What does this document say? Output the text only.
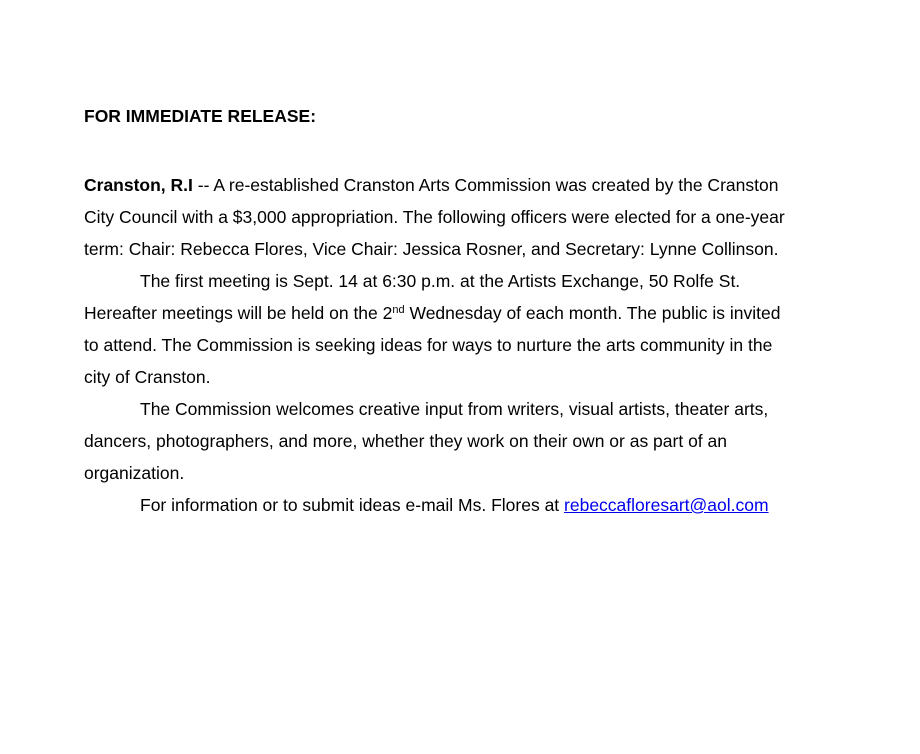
FOR IMMEDIATE RELEASE:

Cranston, R.I -- A re-established Cranston Arts Commission was created by the Cranston
City Council with a $3,000 appropriation. The following officers were elected for a one-year
term: Chair: Rebecca Flores, Vice Chair: Jessica Rosner, and Secretary: Lynne Collinson.

The first meeting is Sept. 14 at 6:30 p.m. at the Artists Exchange, 50 Rolfe St.
Hereafter meetings will be held on the 2nd Wednesday of each month. The public is invited
to attend. The Commission is seeking ideas for ways to nurture the arts community in the
city of Cranston.

The Commission welcomes creative input from writers, visual artists, theater arts,
dancers, photographers, and more, whether they work on their own or as part of an
organization.

For information or to submit ideas e-mail Ms. Flores at rebeccafloresart@aol.com
